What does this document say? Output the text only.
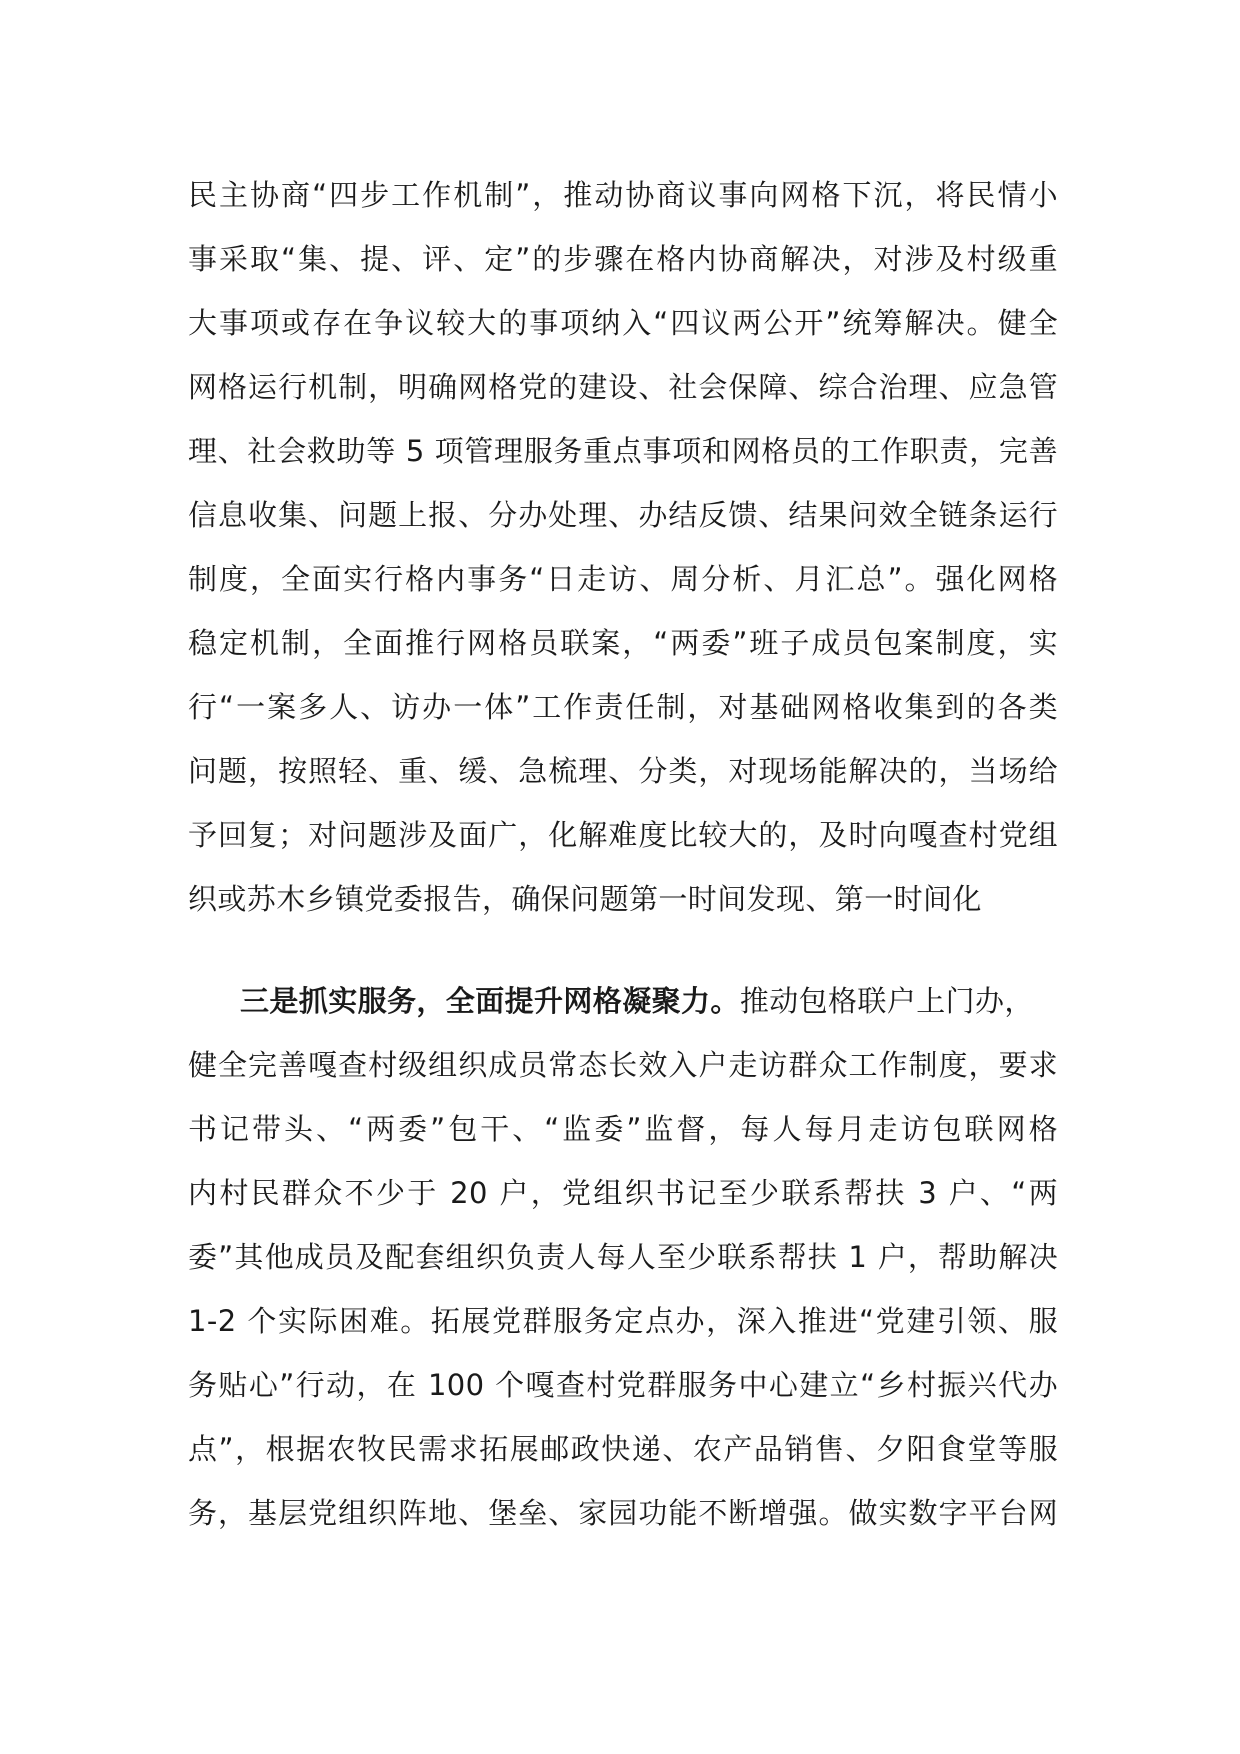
民主协商“四步工作机制”，推动协商议事向网格下沉，将民情小
事采取“集、提、评、定”的步骤在格内协商解决，对涉及村级重
大事项或存在争议较大的事项纳入“四议两公开”统筹解决。健全
网格运行机制，明确网格党的建设、社会保障、综合治理、应急管
理、社会救助等 5 项管理服务重点事项和网格员的工作职责，完善
信息收集、问题上报、分办处理、办结反馈、结果问效全链条运行
制度，全面实行格内事务“日走访、周分析、月汇总”。强化网格
稳定机制，全面推行网格员联案，“两委”班子成员包案制度，实
行“一案多人、访办一体”工作责任制，对基础网格收集到的各类
问题，按照轻、重、缓、急梳理、分类，对现场能解决的，当场给
予回复；对问题涉及面广，化解难度比较大的，及时向嘎查村党组
织或苏木乡镇党委报告，确保问题第一时间发现、第一时间化
三是抓实服务，全面提升网格凝聚力。推动包格联户上门办，
健全完善嘎查村级组织成员常态长效入户走访群众工作制度，要求
书记带头、“两委”包干、“监委”监督，每人每月走访包联网格
内村民群众不少于 20 户，党组织书记至少联系帮扶 3 户、“两
委”其他成员及配套组织负责人每人至少联系帮扶 1 户，帮助解决
1-2 个实际困难。拓展党群服务定点办，深入推进“党建引领、服
务贴心”行动，在 100 个嘎查村党群服务中心建立“乡村振兴代办
点”，根据农牧民需求拓展邮政快递、农产品销售、夕阳食堂等服
务，基层党组织阵地、堡垒、家园功能不断增强。做实数字平台网
